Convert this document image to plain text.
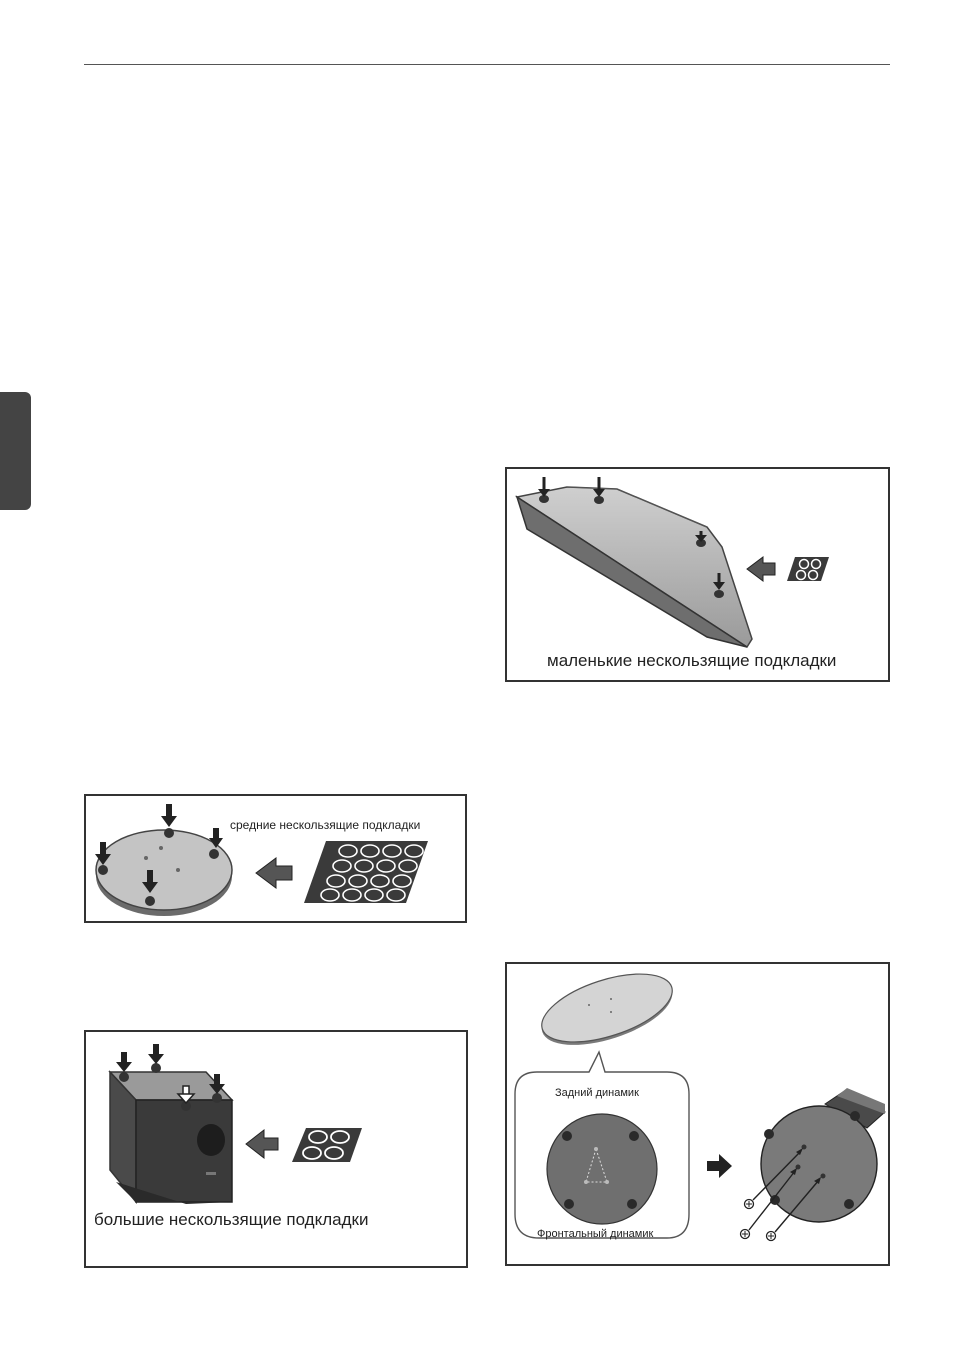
маленькие нескользящие подкладки
средние нескользящие подкладки
большие нескользящие подкладки
Задний динамик
Фронтальный динамик
